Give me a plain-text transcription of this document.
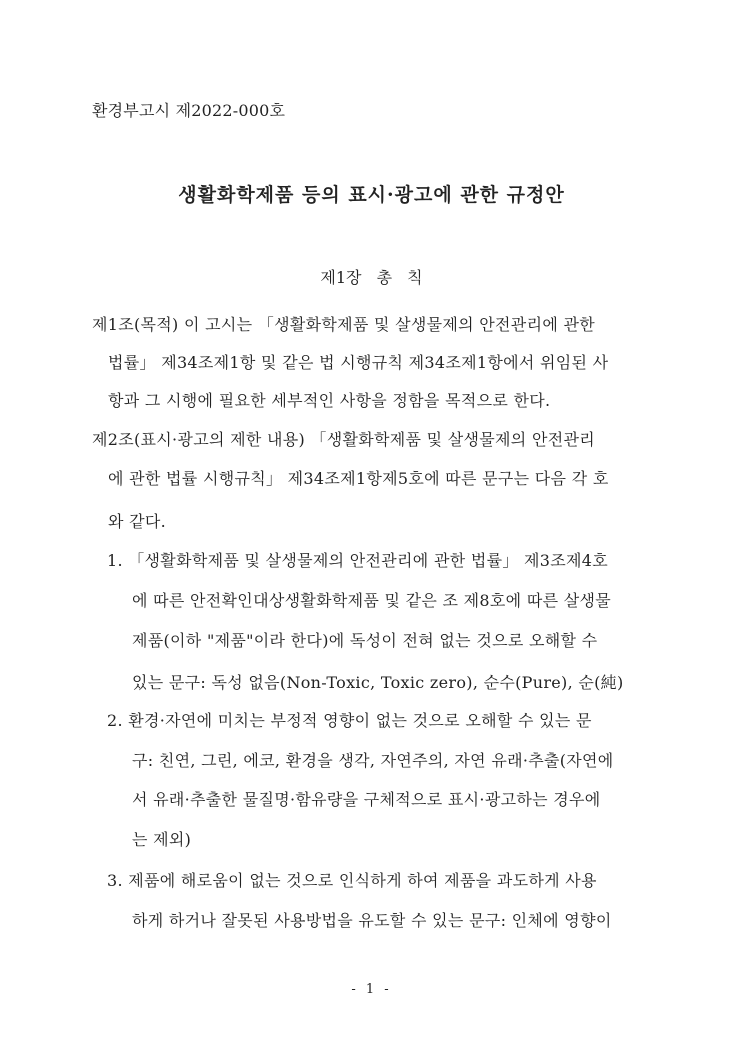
환경부고시 제2022-000호
생활화학제품 등의 표시·광고에 관한 규정안
제1장 총 칙
제1조(목적) 이 고시는 「생활화학제품 및 살생물제의 안전관리에 관한
법률」 제34조제1항 및 같은 법 시행규칙 제34조제1항에서 위임된 사
항과 그 시행에 필요한 세부적인 사항을 정함을 목적으로 한다.
제2조(표시·광고의 제한 내용) 「생활화학제품 및 살생물제의 안전관리
에 관한 법률 시행규칙」 제34조제1항제5호에 따른 문구는 다음 각 호
와 같다.
1. 「생활화학제품 및 살생물제의 안전관리에 관한 법률」 제3조제4호
에 따른 안전확인대상생활화학제품 및 같은 조 제8호에 따른 살생물
제품(이하 "제품"이라 한다)에 독성이 전혀 없는 것으로 오해할 수
있는 문구: 독성 없음(Non-Toxic, Toxic zero), 순수(Pure), 순(純)
2. 환경·자연에 미치는 부정적 영향이 없는 것으로 오해할 수 있는 문
구: 친연, 그린, 에코, 환경을 생각, 자연주의, 자연 유래·추출(자연에
서 유래·추출한 물질명·함유량을 구체적으로 표시·광고하는 경우에
는 제외)
3. 제품에 해로움이 없는 것으로 인식하게 하여 제품을 과도하게 사용
하게 하거나 잘못된 사용방법을 유도할 수 있는 문구: 인체에 영향이
- 1 -
